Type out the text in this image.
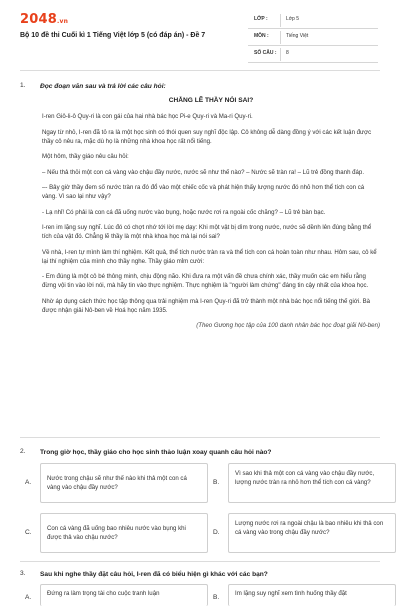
2048.vn
Bộ 10 đề thi Cuối kì 1 Tiếng Việt lớp 5 (có đáp án) - Đề 7
LỚP :	Lớp 5
MÔN :	Tiếng Việt
SỐ CÂU : 8
1. Đọc đoạn văn sau và trả lời các câu hỏi:

CHẲNG LẼ THẦY NÓI SAI?

I-ren Giô-li-ô Quy-ri là con gái của hai nhà bác học Pi-e Quy-ri và Ma-ri Quy-ri.

Ngay từ nhỏ, I-ren đã tỏ ra là một học sinh có thói quen suy nghĩ độc lập. Cô không dễ dàng đồng ý với các kết luận được thầy cô nêu ra, mặc dù họ là những nhà khoa học rất nổi tiếng.

Một hôm, thầy giáo nêu câu hỏi:

– Nếu thả thỏi một con cá vàng vào chậu đầy nước, nước sẽ như thế nào? – Nước sẽ tràn ra! – Lũ trẻ đồng thanh đáp.

–- Bây giờ thầy đem số nước tràn ra đó đổ vào một chiếc cốc và phát hiện thấy lượng nước đó nhỏ hơn thể tích con cá vàng. Vì sao lại như vậy?

- Lạ nhỉ! Có phải là con cá đã uống nước vào bụng, hoặc nước rơi ra ngoài cốc chăng? – Lũ trẻ bàn bạc.

I-ren im lặng suy nghĩ. Lúc đó có chợt nhớ tới lời mẹ dạy: Khi một vật bị dìm trong nước, nước sẽ dềnh lên đúng bằng thể tích của vật đó. Chẳng lẽ thầy là một nhà khoa học mà lại nói sai?

Về nhà, I-ren tự mình làm thí nghiệm. Kết quả, thể tích nước tràn ra và thể tích con cá hoàn toàn như nhau. Hôm sau, cô kể lại thí nghiệm của mình cho thầy nghe. Thầy giáo mỉm cười:

- Em đúng là một cô bé thông minh, chịu động não. Khi đưa ra một vấn đề chưa chính xác, thầy muốn các em hiểu rằng đừng vội tin vào lời nói, mà hãy tin vào thực nghiệm. Thực nghiệm là "người làm chứng" đáng tin cậy nhất của khoa học.

Nhờ áp dụng cách thức học tập thông qua trải nghiệm mà I-ren Quy-ri đã trở thành một nhà bác học nổi tiếng thế giới. Bà được nhận giải Nô-ben về Hoá học năm 1935.

(Theo Gương học tập của 100 danh nhân bác học đoạt giải Nô-ben)

2. Trong giờ học, thầy giáo cho học sinh thảo luận xoay quanh câu hỏi nào?
A.
Nước trong chậu sẽ như thế nào khi thả một con cá vàng vào chậu đầy nước?
B.
Vì sao khi thả một con cá vàng vào chậu đầy nước, lượng nước tràn ra nhỏ hơn thể tích con cá vàng?
C.
Con cá vàng đã uống bao nhiêu nước vào bụng khi được thả vào chậu nước?
D.
Lượng nước rơi ra ngoài chậu là bao nhiêu khi thả con cá vàng vào trong chậu đầy nước?
3. Sau khi nghe thầy đặt câu hỏi, I-ren đã có biểu hiện gì khác với các bạn?
A.
Đứng ra làm trọng tài cho cuộc tranh luận
B.
Im lặng suy nghĩ xem tình huống thầy đặt
